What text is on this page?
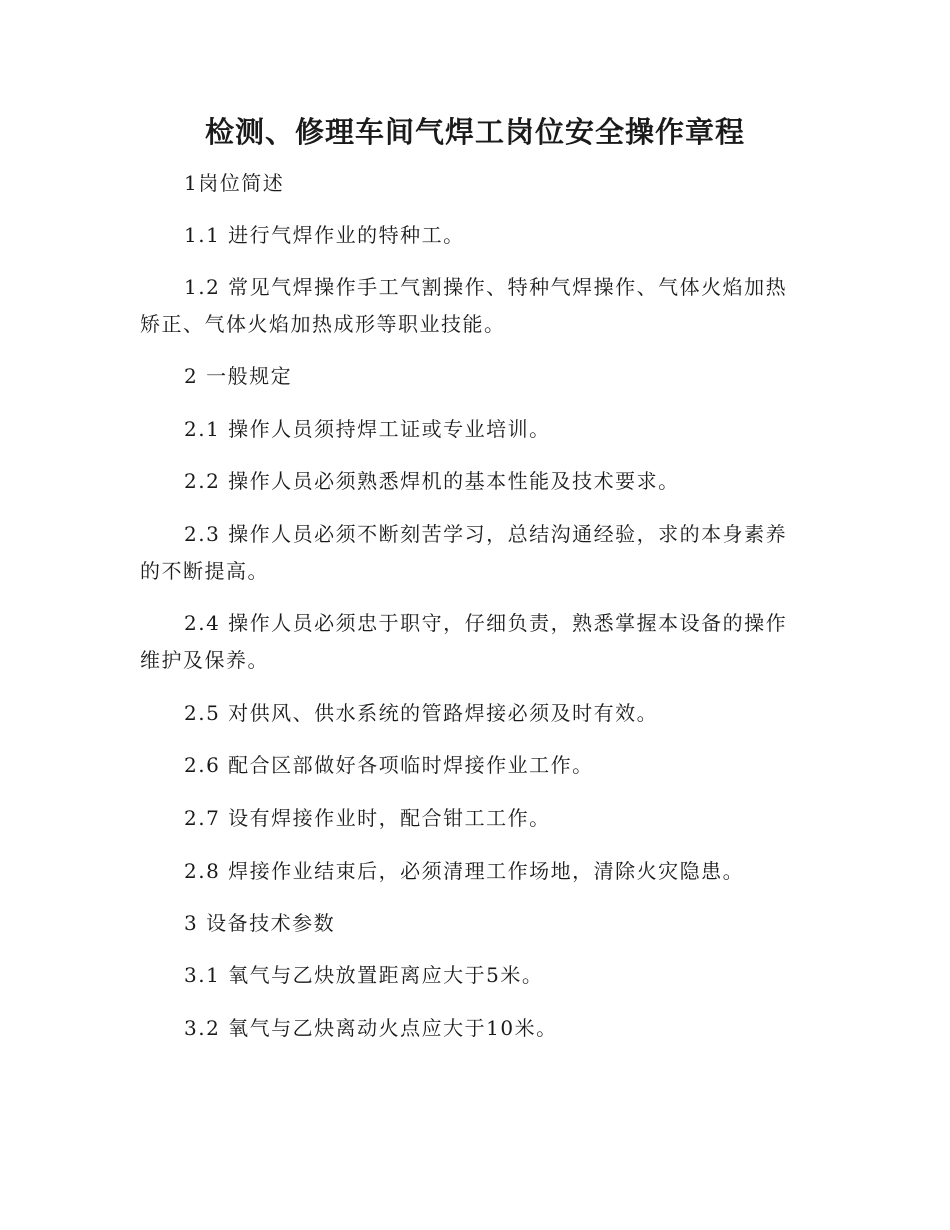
检测、修理车间气焊工岗位安全操作章程
1岗位简述
1.1 进行气焊作业的特种工。
1.2 常见气焊操作手工气割操作、特种气焊操作、气体火焰加热矫正、气体火焰加热成形等职业技能。
2 一般规定
2.1 操作人员须持焊工证或专业培训。
2.2 操作人员必须熟悉焊机的基本性能及技术要求。
2.3 操作人员必须不断刻苦学习，总结沟通经验，求的本身素养的不断提高。
2.4 操作人员必须忠于职守，仔细负责，熟悉掌握本设备的操作维护及保养。
2.5 对供风、供水系统的管路焊接必须及时有效。
2.6 配合区部做好各项临时焊接作业工作。
2.7 设有焊接作业时，配合钳工工作。
2.8 焊接作业结束后，必须清理工作场地，清除火灾隐患。
3 设备技术参数
3.1 氧气与乙炔放置距离应大于5米。
3.2 氧气与乙炔离动火点应大于10米。
